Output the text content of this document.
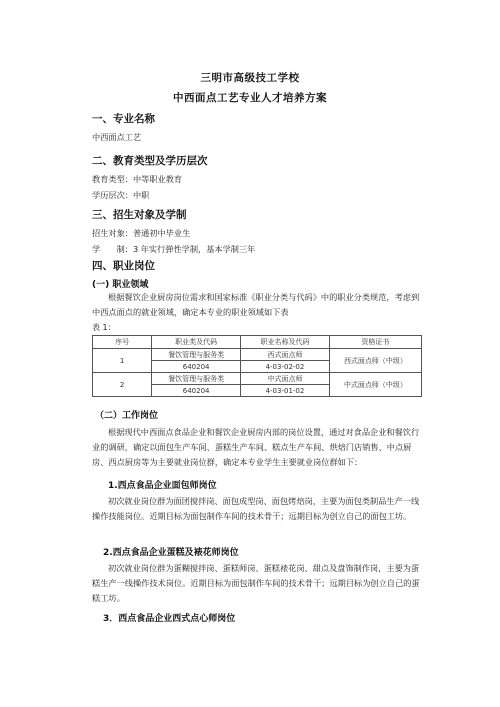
三明市高级技工学校
中西面点工艺专业人才培养方案
一、专业名称
中西面点工艺
二、教育类型及学历层次
教育类型：中等职业教育
学历层次：中职
三、招生对象及学制
招生对象：普通初中毕业生
学　　制：3 年实行弹性学制，基本学制三年
四、职业岗位
(一) 职业领域
根据餐饮企业厨房岗位需求和国家标准《职业分类与代码》中的职业分类规范，考虑到中西点面点的就业领域，确定本专业的职业领域如下表
表 1：
序号	职业类及代码	职业名称及代码	资格证书
1	餐饮管理与服务类	西式面点师	西式面点师（中级）
	640204	4-03-02-02	
2	餐饮管理与服务类	中式面点师	中式面点师（中级）
	640204	4-03-01-02	
（二）工作岗位
根据现代中西面点食品企业和餐饮企业厨房内部的岗位设置，通过对食品企业和餐饮行业的调研，确定以面包生产车间、蛋糕生产车间、糕点生产车间、烘焙门店销售、中点厨房、西点厨房等为主要就业岗位群，确定本专业学生主要就业岗位群如下：
1.西点食品企业面包师岗位
初次就业岗位群为面团搅拌岗、面包成型岗、面包烤焙岗，主要为面包类制品生产一线操作技能岗位。近期目标为面包制作车间的技术骨干；远期目标为创立自己的面包工坊。
2.西点食品企业蛋糕及裱花师岗位
初次就业岗位群为蛋糊搅拌岗、蛋糕师岗、蛋糕裱花岗、甜点及盘饰制作岗，主要为蛋糕生产一线操作技术岗位。近期目标为面包制作车间的技术骨干；远期目标为创立自己的蛋糕工坊。
3．西点食品企业西式点心师岗位
